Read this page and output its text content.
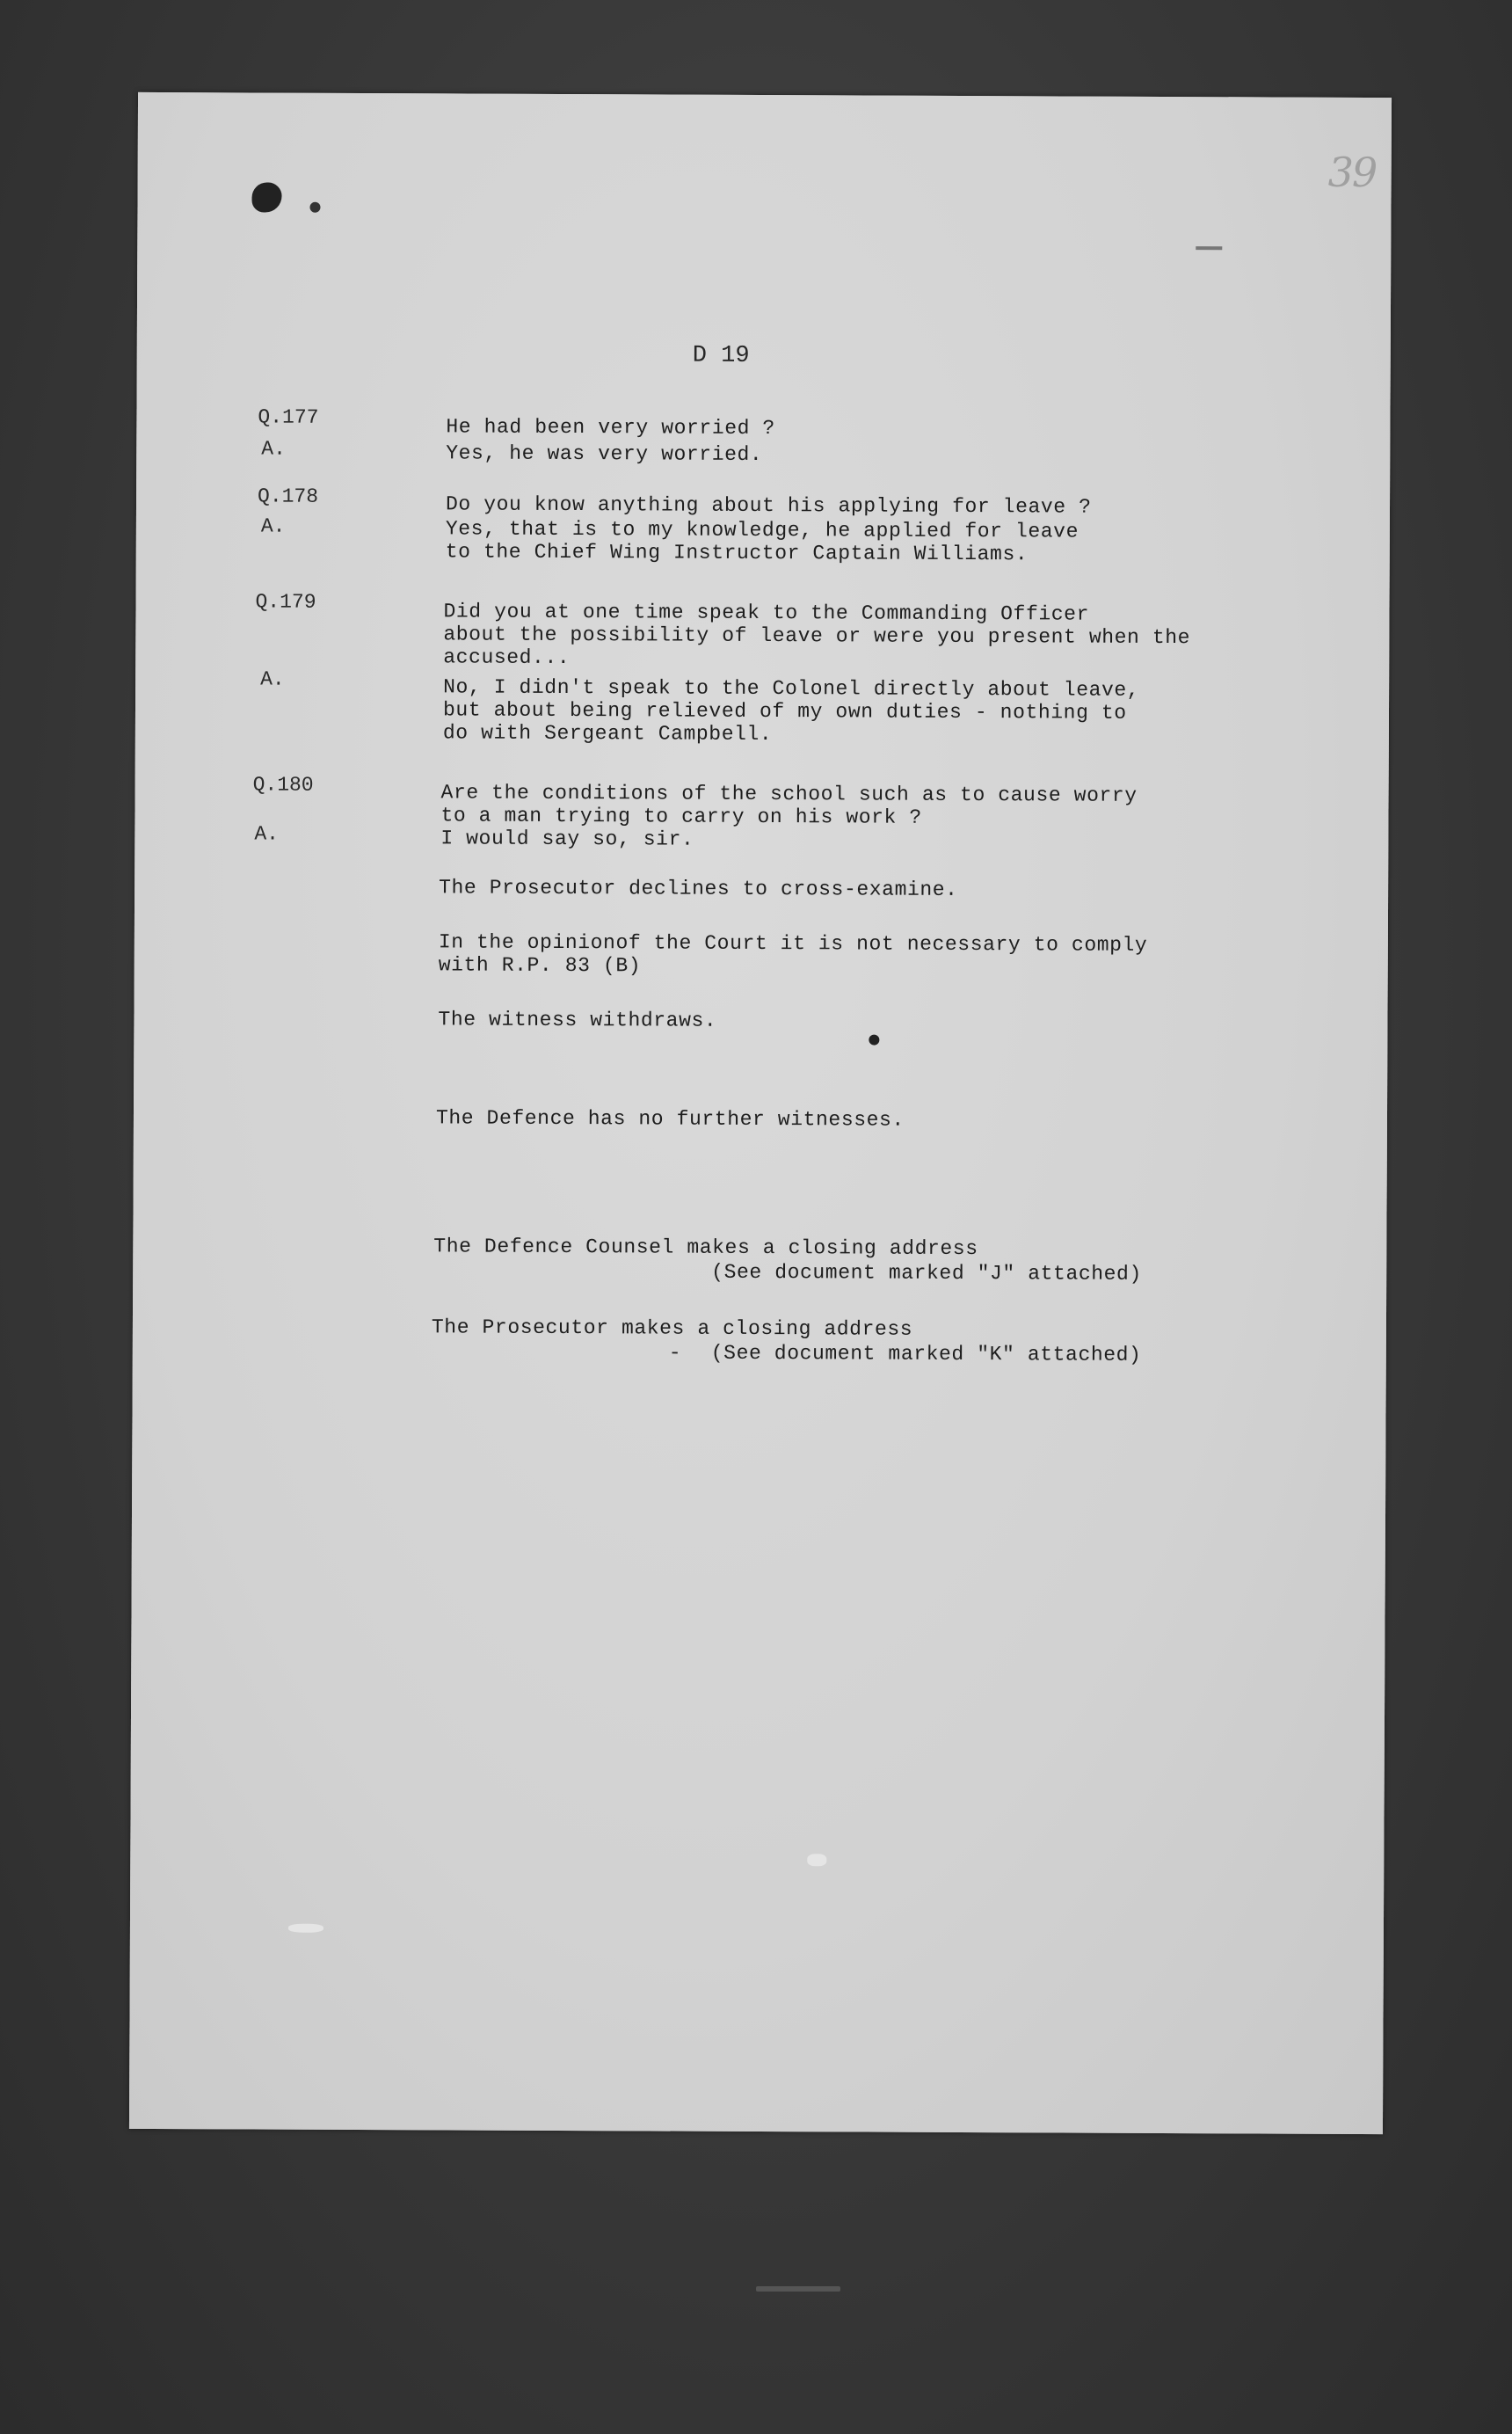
39
D 19
Q.177	He had been very worried ?
A.	Yes, he was very worried.
Q.178	Do you know anything about his applying for leave ?
A.	Yes, that is to my knowledge, he applied for leave
to the Chief Wing Instructor Captain Williams.
Q.179	Did you at one time speak to the Commanding Officer
about the possibility of leave or were you present when the
accused...
A.	No, I didn't speak to the Colonel directly about leave,
but about being relieved of my own duties - nothing to
do with Sergeant Campbell.
Q.180	Are the conditions of the school such as to cause worry
to a man trying to carry on his work ?
A.	I would say so, sir.
The Prosecutor declines to cross-examine.
In the opinionof the Court it is not necessary to comply
with R.P. 83 (B)
The witness withdraws.
The Defence has no further witnesses.
The Defence Counsel makes a closing address
(See document marked "J" attached)
The Prosecutor makes a closing address
- (See document marked "K" attached)
